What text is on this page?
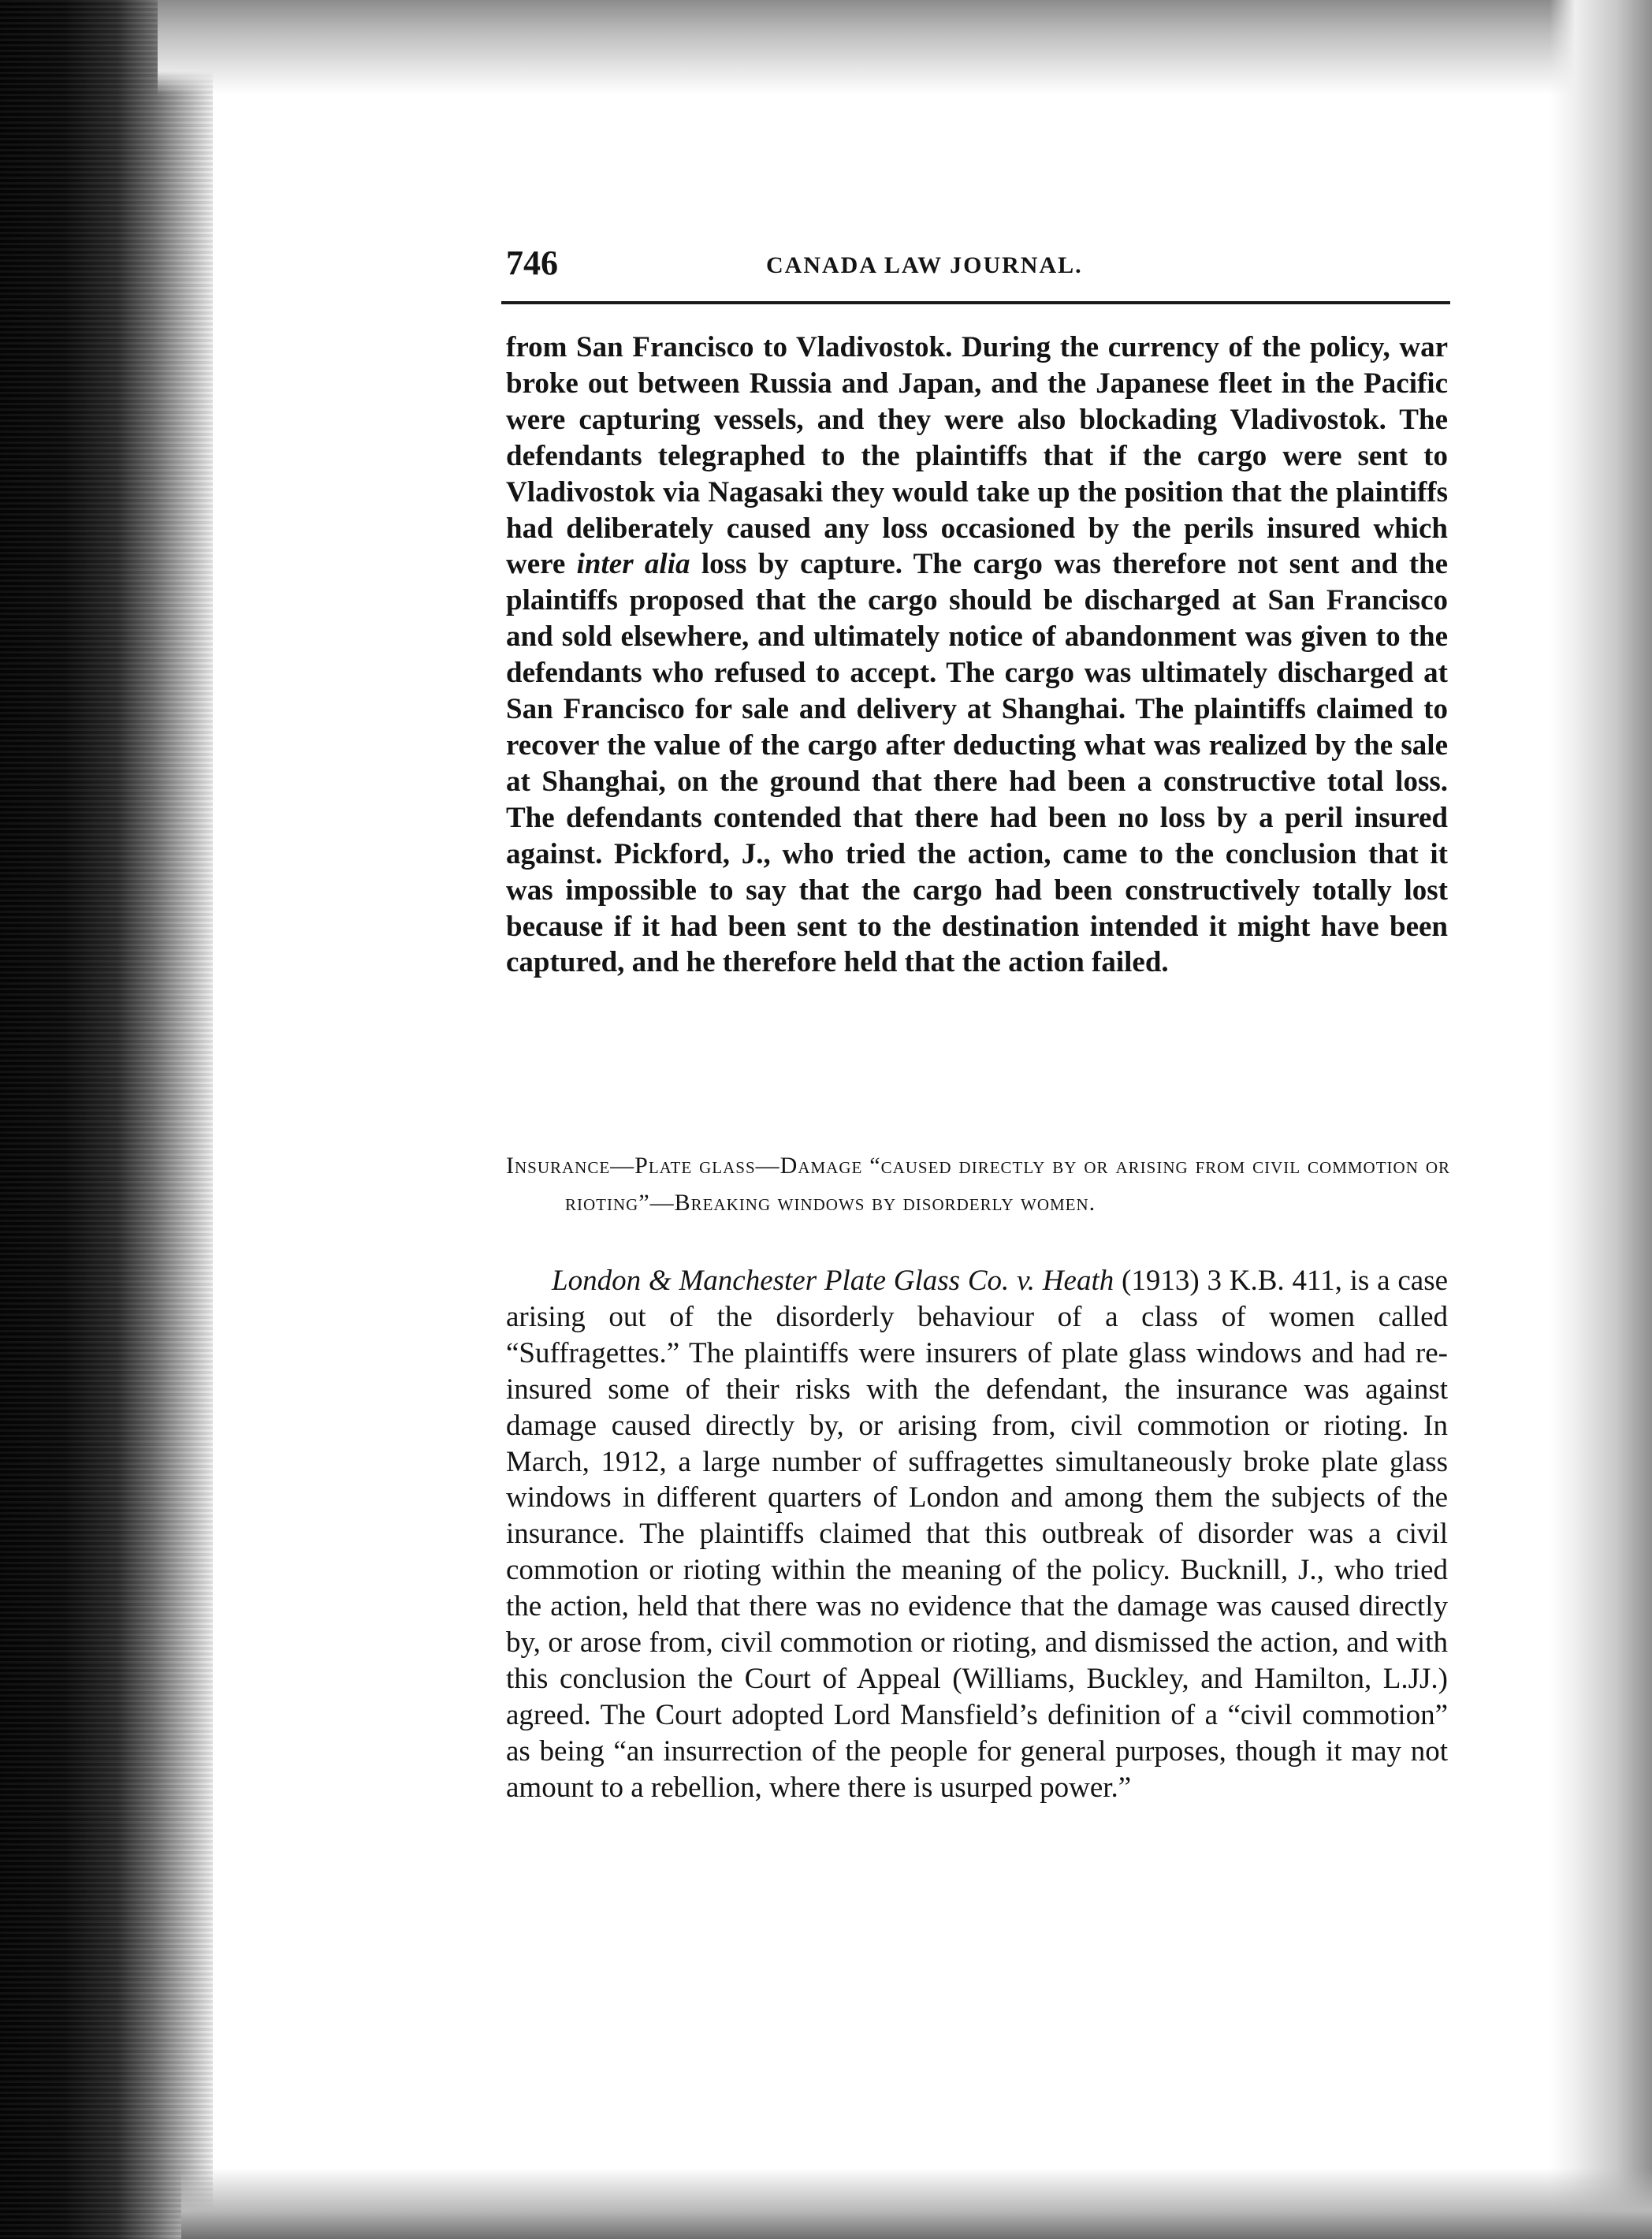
746	CANADA LAW JOURNAL.

from San Francisco to Vladivostok. During the currency of the policy, war broke out between Russia and Japan, and the Japanese fleet in the Pacific were capturing vessels, and they were also blockading Vladivostok. The defendants telegraphed to the plaintiffs that if the cargo were sent to Vladivostok via Nagasaki they would take up the position that the plaintiffs had deliberately caused any loss occasioned by the perils insured which were inter alia loss by capture. The cargo was therefore not sent and the plaintiffs proposed that the cargo should be discharged at San Francisco and sold elsewhere, and ultimately notice of abandonment was given to the defendants who refused to accept. The cargo was ultimately discharged at San Francisco for sale and delivery at Shanghai. The plaintiffs claimed to recover the value of the cargo after deducting what was realized by the sale at Shanghai, on the ground that there had been a constructive total loss. The defendants contended that there had been no loss by a peril insured against. Pickford, J., who tried the action, came to the conclusion that it was impossible to say that the cargo had been constructively totally lost because if it had been sent to the destination intended it might have been captured, and he therefore held that the action failed.

Insurance—Plate glass—Damage “caused directly by or arising from civil commotion or rioting”—Breaking windows by disorderly women.

London & Manchester Plate Glass Co. v. Heath (1913) 3 K.B. 411, is a case arising out of the disorderly behaviour of a class of women called “Suffragettes.” The plaintiffs were insurers of plate glass windows and had re-insured some of their risks with the defendant, the insurance was against damage caused directly by, or arising from, civil commotion or rioting. In March, 1912, a large number of suffragettes simultaneously broke plate glass windows in different quarters of London and among them the subjects of the insurance. The plaintiffs claimed that this outbreak of disorder was a civil commotion or rioting within the meaning of the policy. Bucknill, J., who tried the action, held that there was no evidence that the damage was caused directly by, or arose from, civil commotion or rioting, and dismissed the action, and with this conclusion the Court of Appeal (Williams, Buckley, and Hamilton, L.JJ.) agreed. The Court adopted Lord Mansfield’s definition of a “civil commotion” as being “an insurrection of the people for general purposes, though it may not amount to a rebellion, where there is usurped power.”
